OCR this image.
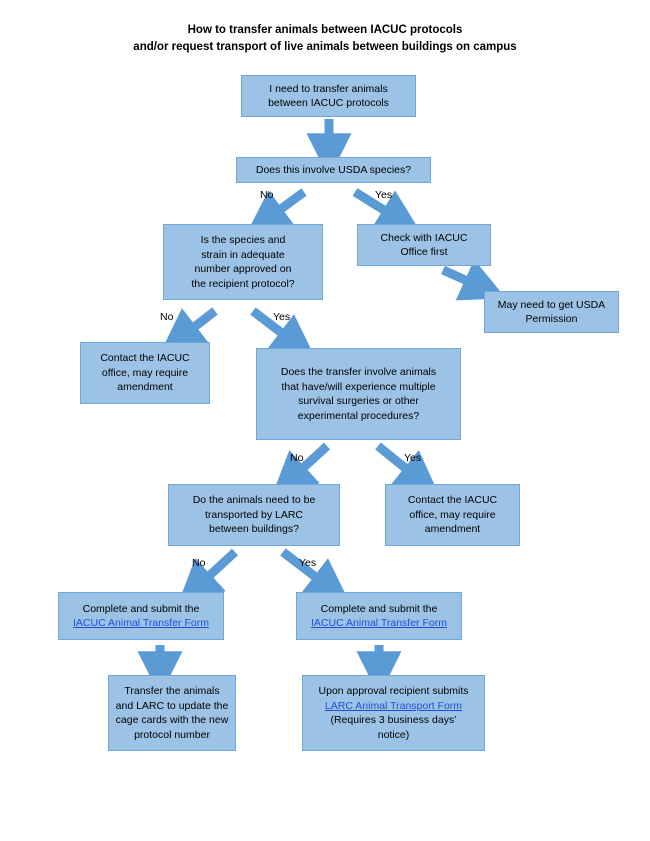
How to transfer animals between IACUC protocols
and/or request transport of live animals between buildings on campus
I need to transfer animals
between IACUC protocols
Does this involve USDA species?
Check with IACUC
Office first
May need to get USDA
Permission
Is the species and
strain in adequate
number approved on
the recipient protocol?
Contact the IACUC
office, may require
amendment
Does the transfer involve animals
that have/will experience multiple
survival surgeries or other
experimental procedures?
Contact the IACUC
office, may require
amendment
Do the animals need to be
transported by LARC
between buildings?
Complete and submit the
IACUC Animal Transfer Form
Complete and submit the
IACUC Animal Transfer Form
Transfer the animals
and LARC to update the
cage cards with the new
protocol number
Upon approval recipient submits
LARC Animal Transport Form
(Requires 3 business days’
notice)
No	Yes
No	Yes
No	Yes
No	Yes
